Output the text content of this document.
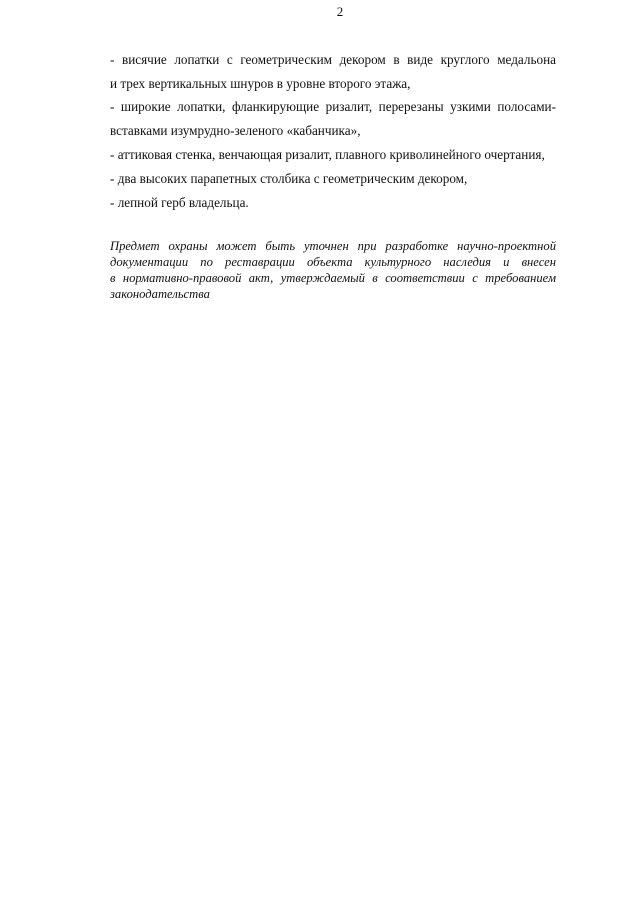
2
- висячие лопатки с геометрическим декором в виде круглого медальона
и трех вертикальных шнуров в уровне второго этажа,
- широкие лопатки, фланкирующие ризалит, перерезаны узкими полосами-
вставками изумрудно-зеленого «кабанчика»,
- аттиковая стенка, венчающая ризалит, плавного криволинейного очертания,
- два высоких парапетных столбика с геометрическим декором,
- лепной герб владельца.
Предмет охраны может быть уточнен при разработке научно-проектной
документации по реставрации объекта культурного наследия и внесен
в нормативно-правовой акт, утверждаемый в соответствии с требованием
законодательства
